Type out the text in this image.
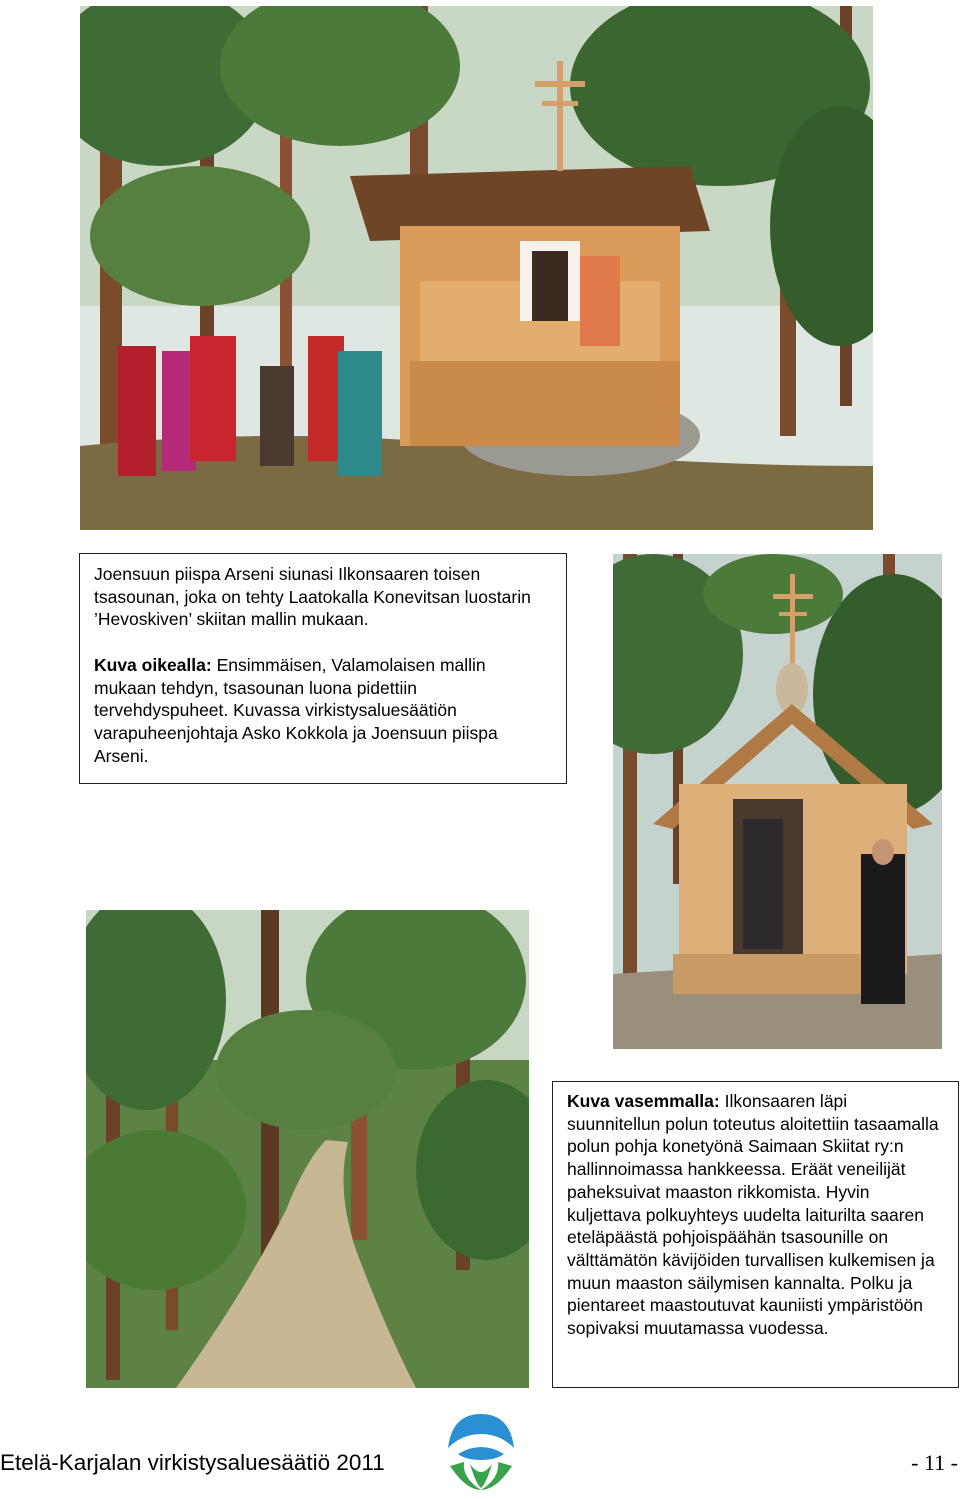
Joensuun piispa Arseni siunasi Ilkonsaaren toisen tsasounan, joka on tehty Laatokalla Konevitsan luostarin ’Hevoskiven’ skiitan mallin mukaan.

Kuva oikealla: Ensimmäisen, Valamolaisen mallin mukaan tehdyn, tsasounan luona pidettiin tervehdyspuheet. Kuvassa virkistysaluesäätiön varapuheenjohtaja Asko Kokkola ja Joensuun piispa Arseni.

Kuva vasemmalla: Ilkonsaaren läpi suunnitellun polun toteutus aloitettiin tasaamalla polun pohja konetyönä Saimaan Skiitat ry:n hallinnoimassa hankkeessa. Eräät veneilijät paheksuivat maaston rikkomista. Hyvin kuljettava polkuyhteys uudelta laiturilta saaren eteläpäästä pohjoispäähän tsasounille on välttämätön kävijöiden turvallisen kulkemisen ja muun maaston säilymisen kannalta. Polku ja pientareet maastoutuvat kauniisti ympäristöön sopivaksi muutamassa vuodessa.

Etelä-Karjalan virkistysaluesäätiö 2011	- 11 -
